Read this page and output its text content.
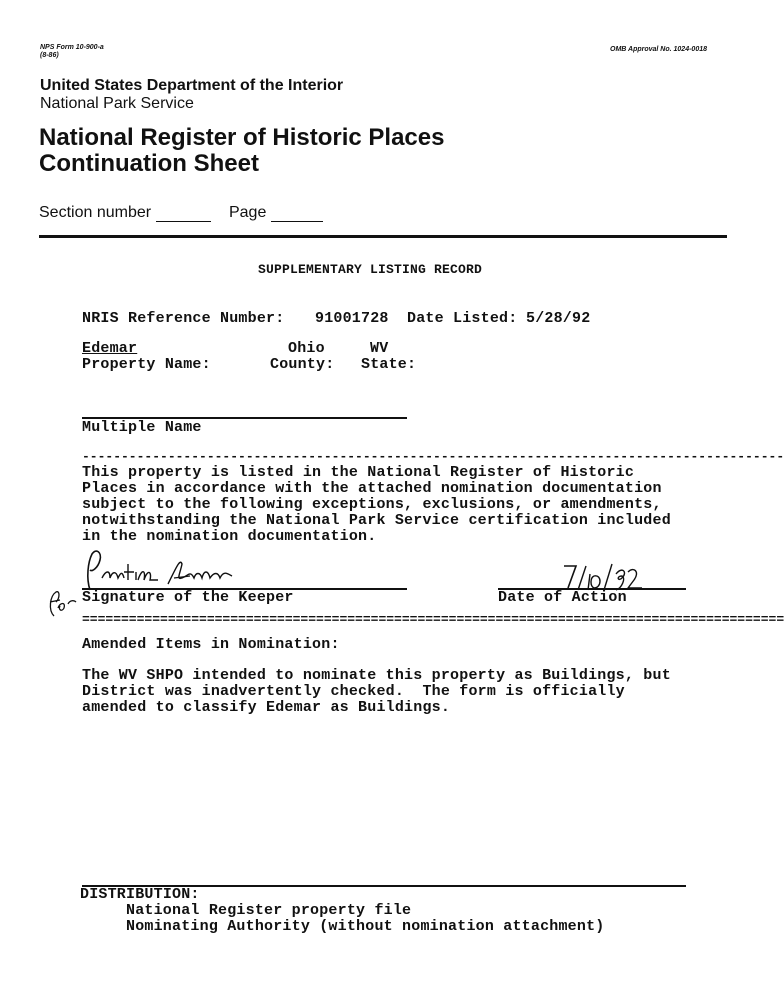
NPS Form 10-900-a
(8-86)
OMB Approval No. 1024-0018
United States Department of the Interior
National Park Service
National Register of Historic Places
Continuation Sheet
Section number	Page
SUPPLEMENTARY LISTING RECORD
NRIS Reference Number: 91001728 Date Listed: 5/28/92
Edemar	Ohio	WV
Property Name:	County: State:
Multiple Name
------------------------------------------------------------------------------------------
This property is listed in the National Register of Historic
Places in accordance with the attached nomination documentation
subject to the following exceptions, exclusions, or amendments,
notwithstanding the National Park Service certification included
in the nomination documentation.
Signature of the Keeper	Date of Action
==========================================================================================
Amended Items in Nomination:
The WV SHPO intended to nominate this property as Buildings, but
District was inadvertently checked.  The form is officially
amended to classify Edemar as Buildings.
DISTRIBUTION:
National Register property file
Nominating Authority (without nomination attachment)
